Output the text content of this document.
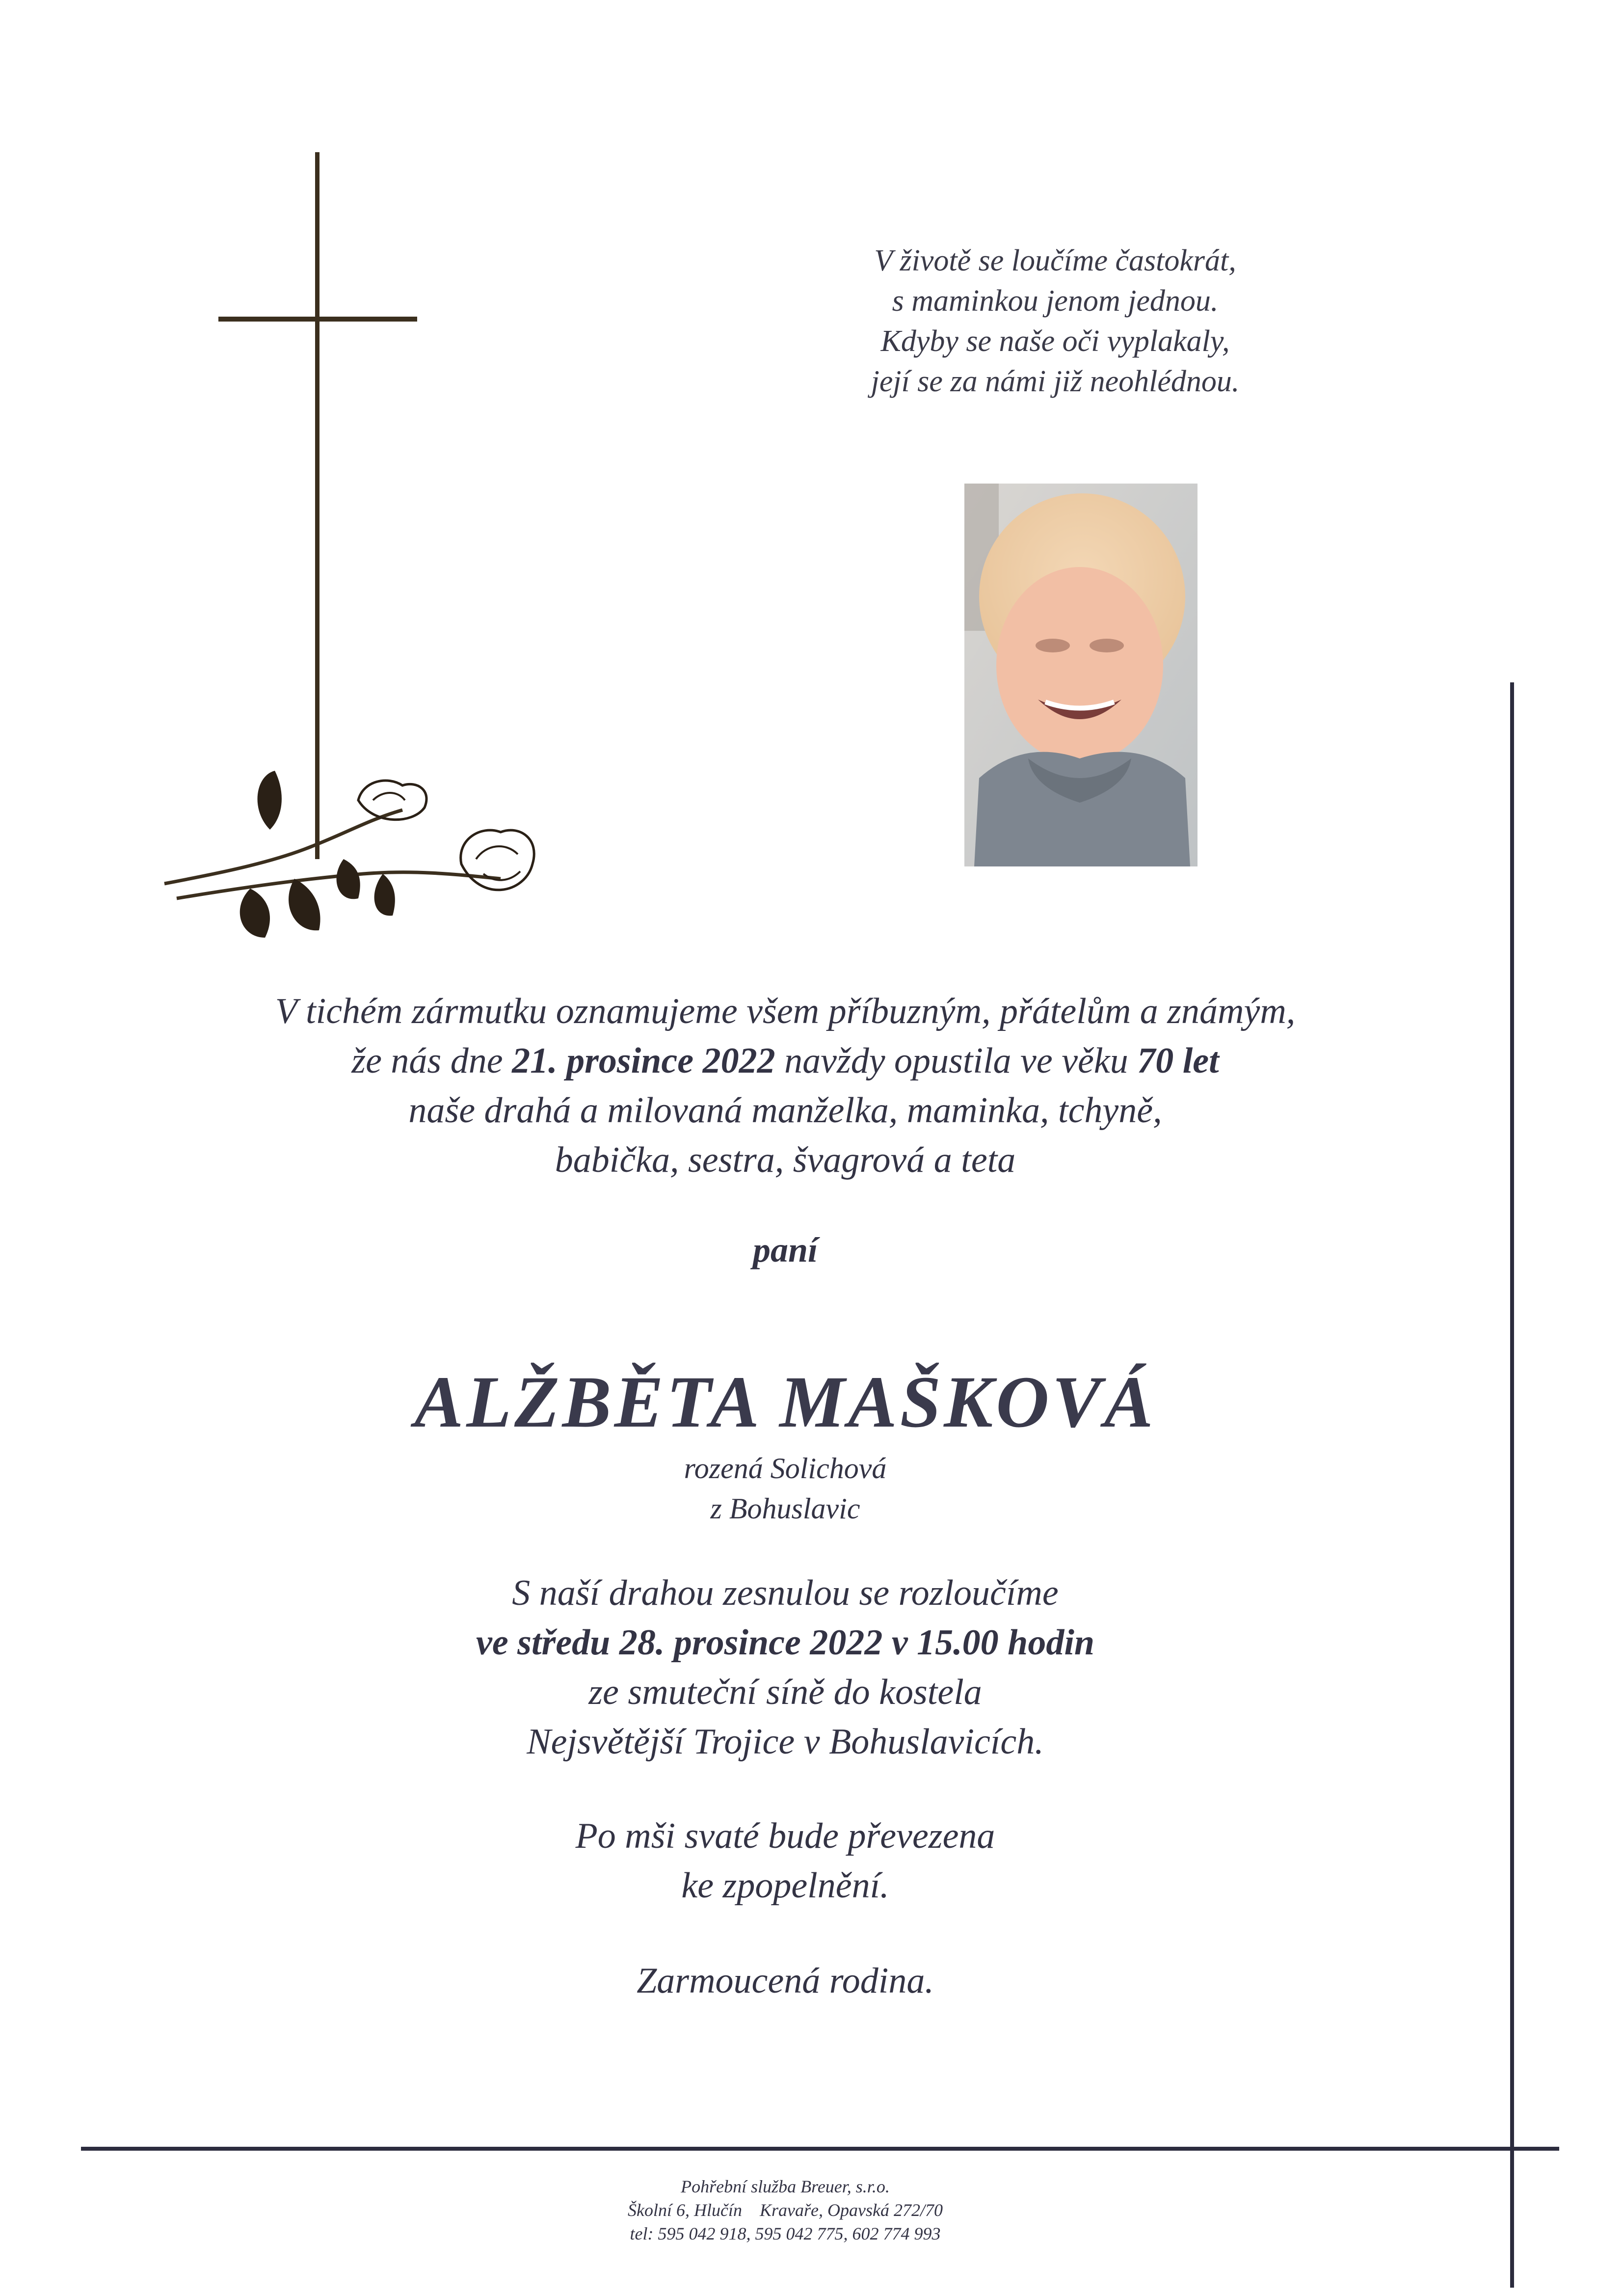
V životě se loučíme častokrát,
s maminkou jenom jednou.
Kdyby se naše oči vyplakaly,
její se za námi již neohlédnou.
V tichém zármutku oznamujeme všem příbuzným, přátelům a známým,
že nás dne 21. prosince 2022 navždy opustila ve věku 70 let
naše drahá a milovaná manželka, maminka, tchyně,
babička, sestra, švagrová a teta
paní
ALŽBĚTA MAŠKOVÁ
rozená Solichová
z Bohuslavic
S naší drahou zesnulou se rozloučíme
ve středu 28. prosince 2022 v 15.00 hodin
ze smuteční síně do kostela
Nejsvětější Trojice v Bohuslavicích.
Po mši svaté bude převezena
ke zpopelnění.
Zarmoucená rodina.
Pohřební služba Breuer, s.r.o.
Školní 6, Hlučín    Kravaře, Opavská 272/70
tel: 595 042 918, 595 042 775, 602 774 993
